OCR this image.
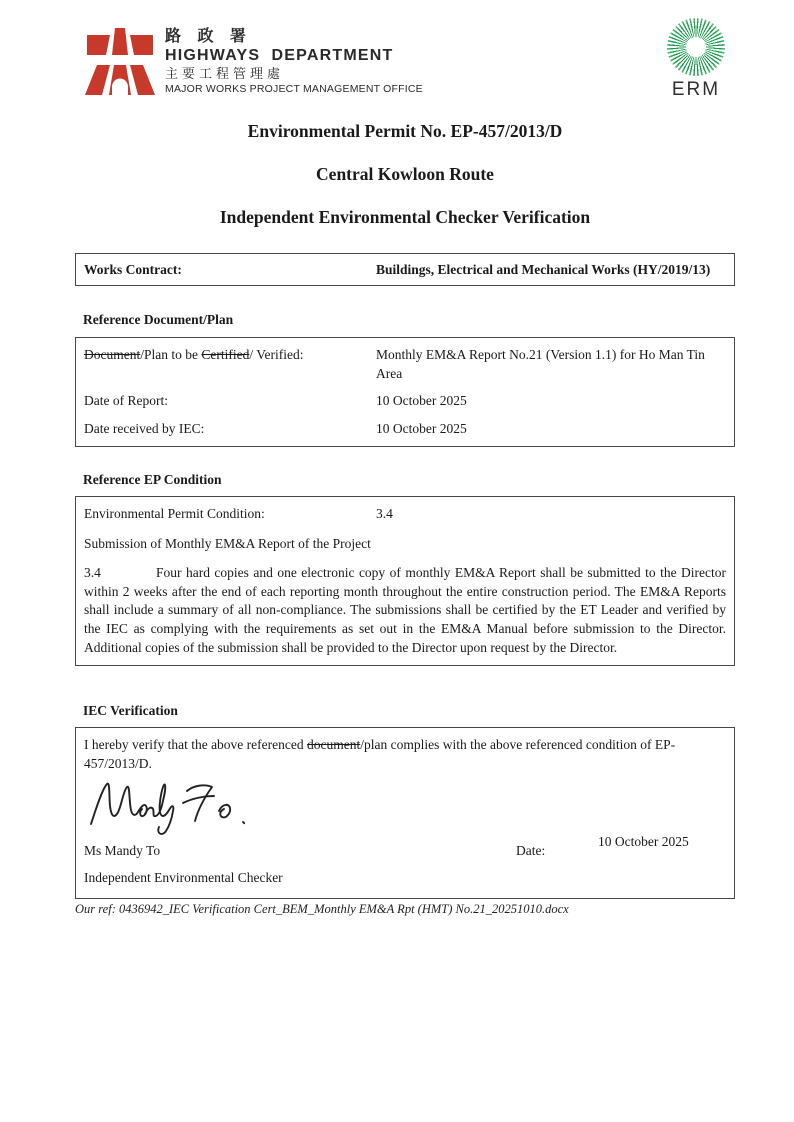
路 政 署
HIGHWAYS  DEPARTMENT
主要工程管理處
MAJOR WORKS PROJECT MANAGEMENT OFFICE	ERM
Environmental Permit No. EP-457/2013/D
Central Kowloon Route
Independent Environmental Checker Verification
Works Contract:	Buildings, Electrical and Mechanical Works (HY/2019/13)
Reference Document/Plan
Document/Plan to be Certified/ Verified:	Monthly EM&A Report No.21 (Version 1.1) for Ho Man Tin Area
Date of Report:	10 October 2025
Date received by IEC:	10 October 2025
Reference EP Condition
Environmental Permit Condition:	3.4
Submission of Monthly EM&A Report of the Project

3.4	Four hard copies and one electronic copy of monthly EM&A Report shall be submitted to the Director within 2 weeks after the end of each reporting month throughout the entire construction period. The EM&A Reports shall include a summary of all non-compliance. The submissions shall be certified by the ET Leader and verified by the IEC as complying with the requirements as set out in the EM&A Manual before submission to the Director. Additional copies of the submission shall be provided to the Director upon request by the Director.

IEC Verification

I hereby verify that the above referenced document/plan complies with the above referenced condition of EP-457/2013/D.

Ms Mandy To
Independent Environmental Checker
Date:
10 October 2025
Our ref: 0436942_IEC Verification Cert_BEM_Monthly EM&A Rpt (HMT) No.21_20251010.docx
